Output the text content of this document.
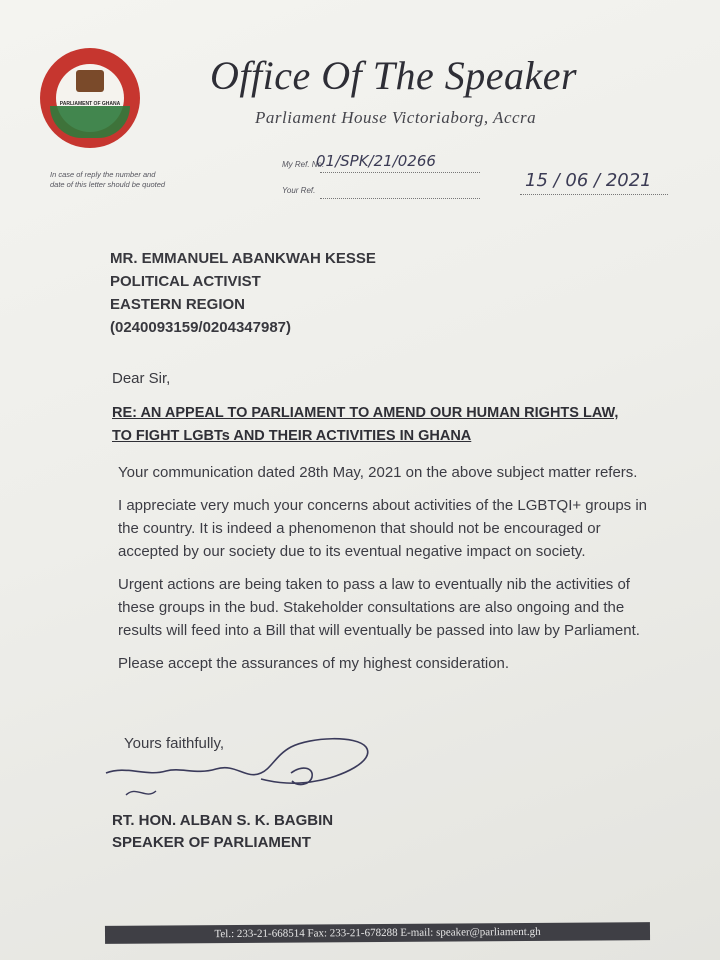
PARLIAMENT OF GHANA
In case of reply the number and date of this letter should be quoted
Office Of The Speaker
Parliament House Victoriaborg, Accra
My Ref. No.
01/SPK/21/0266
Your Ref.	15 / 06 / 2021
MR. EMMANUEL ABANKWAH KESSE
POLITICAL ACTIVIST
EASTERN REGION
(0240093159/0204347987)
Dear Sir,
RE: AN APPEAL TO PARLIAMENT TO AMEND OUR HUMAN RIGHTS LAW,
TO FIGHT LGBTs AND THEIR ACTIVITIES IN GHANA

Your communication dated 28th May, 2021 on the above subject matter refers.

I appreciate very much your concerns about activities of the LGBTQI+ groups in the country. It is indeed a phenomenon that should not be encouraged or accepted by our society due to its eventual negative impact on society.

Urgent actions are being taken to pass a law to eventually nib the activities of these groups in the bud. Stakeholder consultations are also ongoing and the results will feed into a Bill that will eventually be passed into law by Parliament.

Please accept the assurances of my highest consideration.

Yours faithfully,
RT. HON. ALBAN S. K. BAGBIN
SPEAKER OF PARLIAMENT
Tel.: 233-21-668514 Fax: 233-21-678288 E-mail: speaker@parliament.gh
